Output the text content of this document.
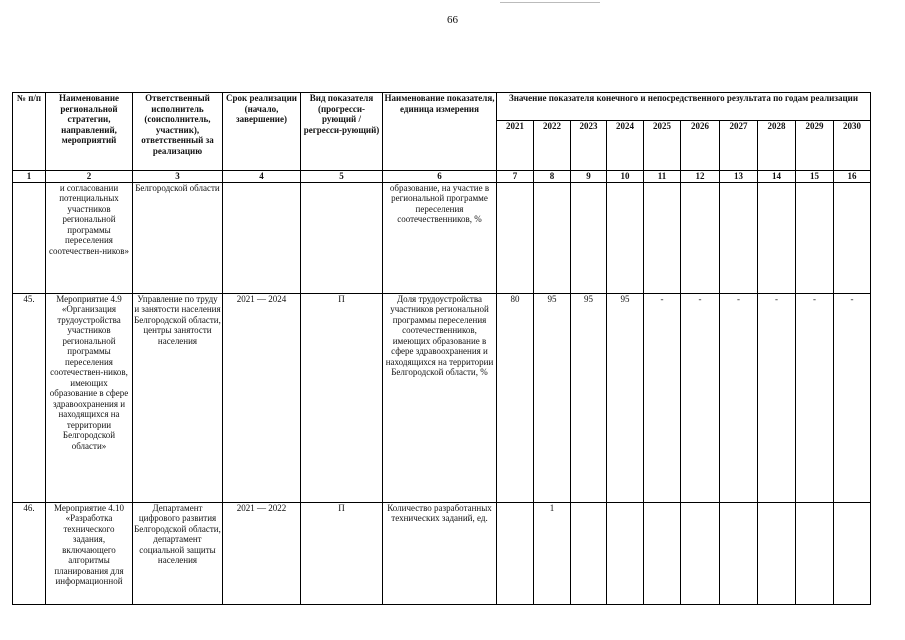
66
№ п/п	Наименование региональной стратегии, направлений, мероприятий	Ответственный исполнитель (соисполнитель, участник), ответственный за реализацию	Срок реализации (начало, завершение)	Вид показателя (прогресси-рующий / регресси-рующий)	Наименование показателя, единица измерения	Значение показателя конечного и непосредственного результата по годам реализации									
						2021	2022	2023	2024	2025	2026	2027	2028	2029	2030
1	2	3	4	5	6	7	8	9	10	11	12	13	14	15	16
	и согласовании потенциальных участников региональной программы переселения соотечествен-ников»	Белгородской области			образование, на участие в региональной программе переселения соотечественников, %										
45.	Мероприятие 4.9 «Организация трудоустройства участников региональной программы переселения соотечествен-ников, имеющих образование в сфере здравоохранения и находящихся на территории Белгородской области»	Управление по труду и занятости населения Белгородской области, центры занятости населения	2021 — 2024	П	Доля трудоустройства участников региональной программы переселения соотечественников, имеющих образование в сфере здравоохранения и находящихся на территории Белгородской области, %	80	95	95	95	-	-	-	-	-	-
46.	Мероприятие 4.10 «Разработка технического задания, включающего алгоритмы планирования для информационной	Департамент цифрового развития Белгородской области, департамент социальной защиты населения	2021 — 2022	П	Количество разработанных технических заданий, ед.		1								
